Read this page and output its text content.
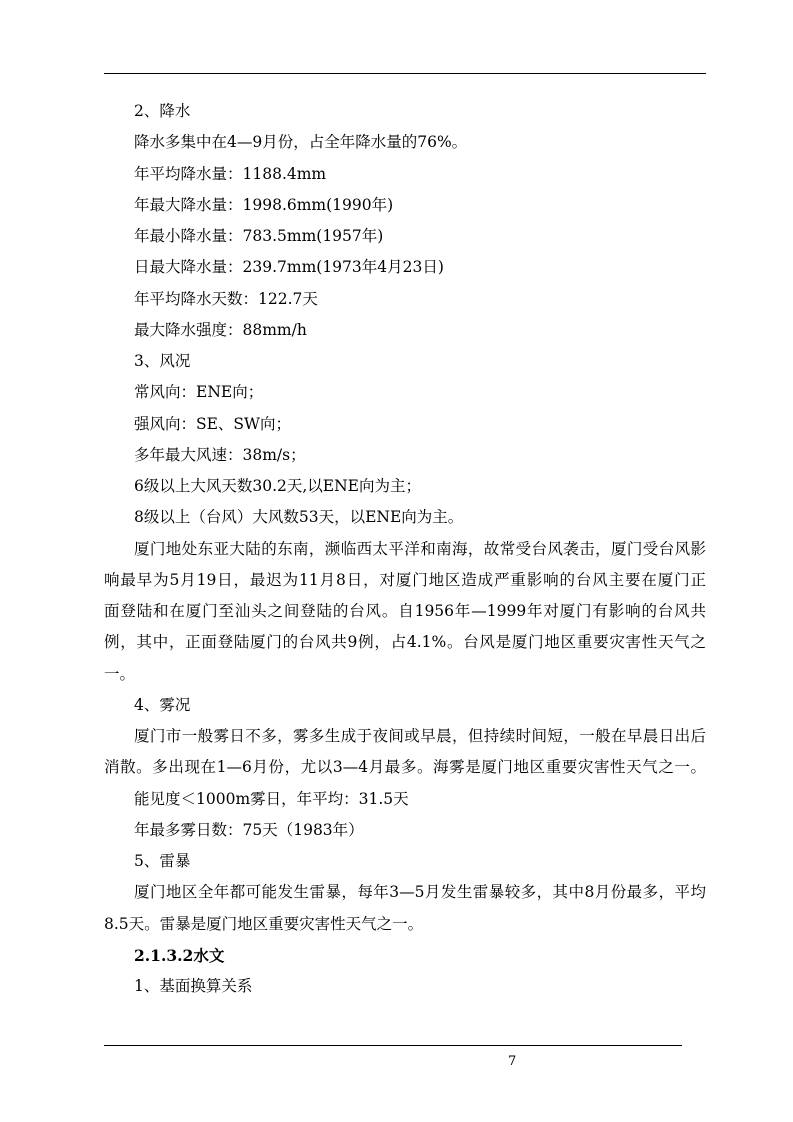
2、降水
降水多集中在4—9月份，占全年降水量的76%。
年平均降水量：1188.4mm
年最大降水量：1998.6mm(1990年)
年最小降水量：783.5mm(1957年)
日最大降水量：239.7mm(1973年4月23日)
年平均降水天数：122.7天
最大降水强度：88mm/h
3、风况
常风向：ENE向；
强风向：SE、SW向；
多年最大风速：38m/s；
6级以上大风天数30.2天,以ENE向为主；
8级以上（台风）大风数53天，以ENE向为主。
厦门地处东亚大陆的东南，濒临西太平洋和南海，故常受台风袭击，厦门受台风影
响最早为5月19日，最迟为11月8日，对厦门地区造成严重影响的台风主要在厦门正
面登陆和在厦门至汕头之间登陆的台风。自1956年—1999年对厦门有影响的台风共
例，其中，正面登陆厦门的台风共9例，占4.1%。台风是厦门地区重要灾害性天气之
一。
4、雾况
厦门市一般雾日不多，雾多生成于夜间或早晨，但持续时间短，一般在早晨日出后
消散。多出现在1—6月份，尤以3—4月最多。海雾是厦门地区重要灾害性天气之一。
能见度＜1000m雾日，年平均：31.5天
年最多雾日数：75天（1983年）
5、雷暴
厦门地区全年都可能发生雷暴，每年3—5月发生雷暴较多，其中8月份最多，平均
8.5天。雷暴是厦门地区重要灾害性天气之一。
2.1.3.2水文
1、基面换算关系
7
